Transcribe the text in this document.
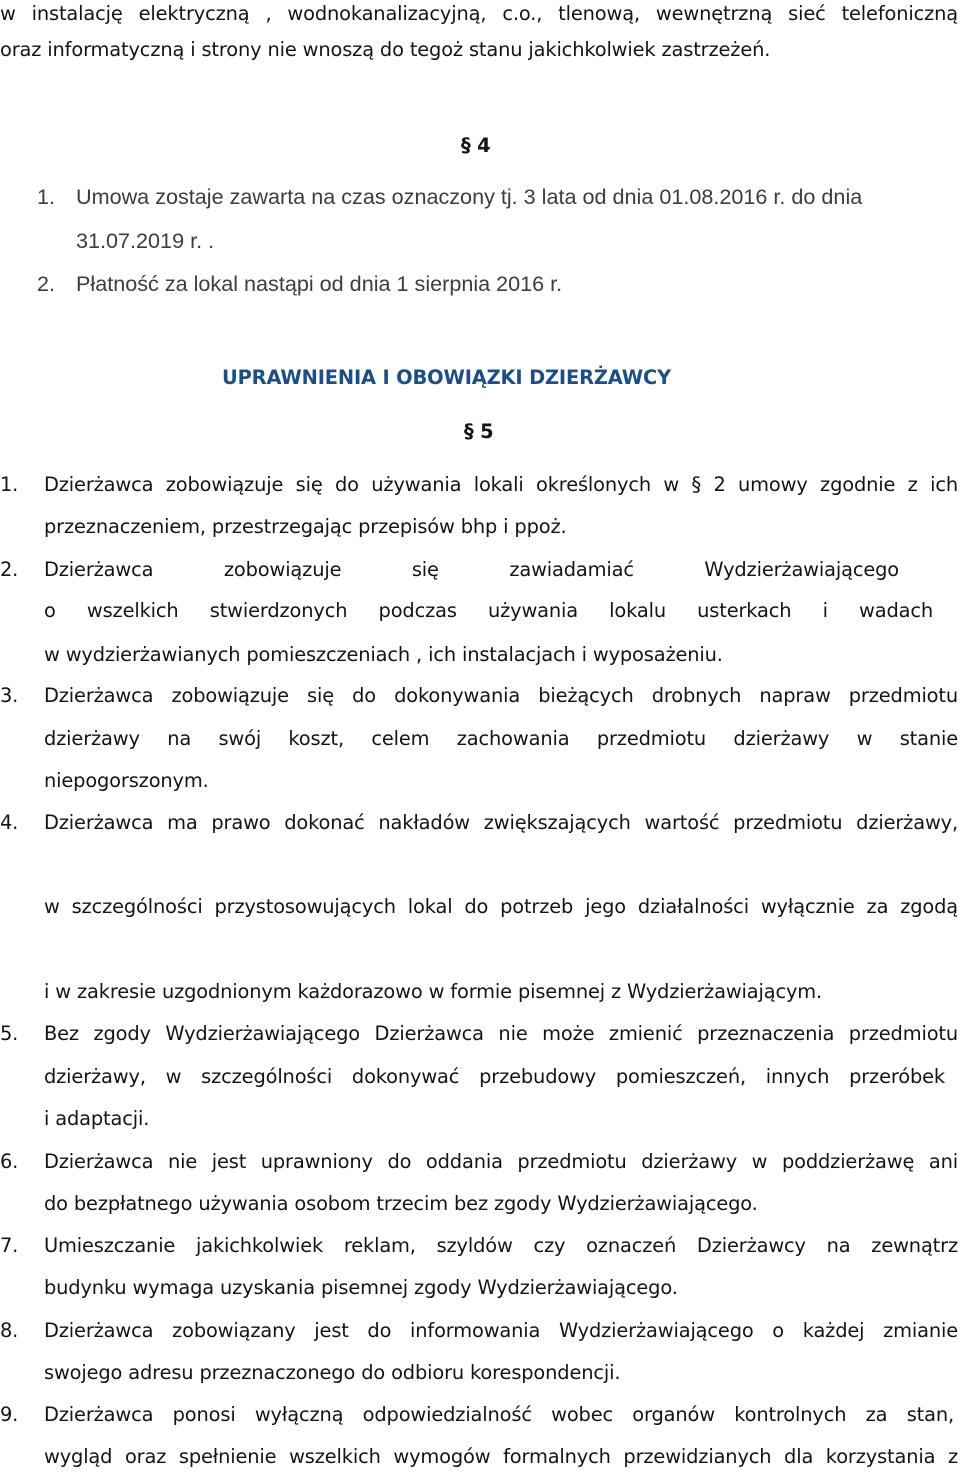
w instalację elektryczną , wodnokanalizacyjną, c.o., tlenową, wewnętrzną sieć telefoniczną
oraz informatyczną i strony nie wnoszą do tegoż stanu jakichkolwiek zastrzeżeń.
§ 4
1. Umowa zostaje zawarta na czas oznaczony tj. 3 lata od dnia 01.08.2016 r. do dnia
31.07.2019 r. .
2. Płatność za lokal nastąpi od dnia 1 sierpnia 2016 r.
UPRAWNIENIA I OBOWIĄZKI DZIERŻAWCY
§ 5
1. Dzierżawca zobowiązuje się do używania lokali określonych w § 2 umowy zgodnie z ich
przeznaczeniem, przestrzegając przepisów bhp i ppoż.
2. Dzierżawca zobowiązuje się zawiadamiać Wydzierżawiającego
o wszelkich stwierdzonych podczas używania lokalu usterkach i wadach
w wydzierżawianych pomieszczeniach , ich instalacjach i wyposażeniu.
3. Dzierżawca zobowiązuje się do dokonywania bieżących drobnych napraw przedmiotu
dzierżawy na swój koszt, celem zachowania przedmiotu dzierżawy w stanie
niepogorszonym.
4. Dzierżawca ma prawo dokonać nakładów zwiększających wartość przedmiotu dzierżawy,
w szczególności przystosowujących lokal do potrzeb jego działalności wyłącznie za zgodą
i w zakresie uzgodnionym każdorazowo w formie pisemnej z Wydzierżawiającym.
5. Bez zgody Wydzierżawiającego Dzierżawca nie może zmienić przeznaczenia przedmiotu
dzierżawy, w szczególności dokonywać przebudowy pomieszczeń, innych przeróbek
i adaptacji.
6. Dzierżawca nie jest uprawniony do oddania przedmiotu dzierżawy w poddzierżawę ani
do bezpłatnego używania osobom trzecim bez zgody Wydzierżawiającego.
7. Umieszczanie jakichkolwiek reklam, szyldów czy oznaczeń Dzierżawcy na zewnątrz
budynku wymaga uzyskania pisemnej zgody Wydzierżawiającego.
8. Dzierżawca zobowiązany jest do informowania Wydzierżawiającego o każdej zmianie
swojego adresu przeznaczonego do odbioru korespondencji.
9. Dzierżawca ponosi wyłączną odpowiedzialność wobec organów kontrolnych za stan,
wygląd oraz spełnienie wszelkich wymogów formalnych przewidzianych dla korzystania z
